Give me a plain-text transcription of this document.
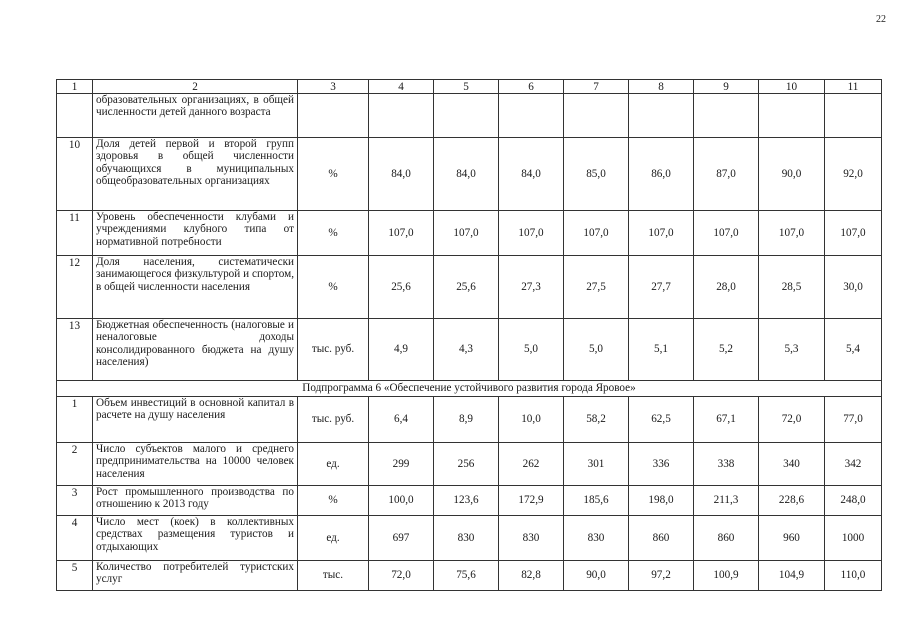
22
1	2	3	4	5	6	7	8	9	10	11
	образовательных организациях, в общей численности детей данного возраста									
10	Доля детей первой и второй групп здоровья в общей численности обучающихся в муниципальных общеобразовательных организациях	%	84,0	84,0	84,0	85,0	86,0	87,0	90,0	92,0
11	Уровень обеспеченности клубами и учреждениями клубного типа от нормативной потребности	%	107,0	107,0	107,0	107,0	107,0	107,0	107,0	107,0
12	Доля населения, систематически занимающегося физкультурой и спортом, в общей численности населения	%	25,6	25,6	27,3	27,5	27,7	28,0	28,5	30,0
13	Бюджетная обеспеченность (налоговые и неналоговые доходы консолидированного бюджета на душу населения)	тыс. руб.	4,9	4,3	5,0	5,0	5,1	5,2	5,3	5,4
Подпрограмма 6 «Обеспечение устойчивого развития города Яровое»										
1	Объем инвестиций в основной капитал в расчете на душу населения	тыс. руб.	6,4	8,9	10,0	58,2	62,5	67,1	72,0	77,0
2	Число субъектов малого и среднего предпринимательства на 10000 человек населения	ед.	299	256	262	301	336	338	340	342
3	Рост промышленного производства по отношению к 2013 году	%	100,0	123,6	172,9	185,6	198,0	211,3	228,6	248,0
4	Число мест (коек) в коллективных средствах размещения туристов и отдыхающих	ед.	697	830	830	830	860	860	960	1000
5	Количество потребителей туристских услуг	тыс.	72,0	75,6	82,8	90,0	97,2	100,9	104,9	110,0
